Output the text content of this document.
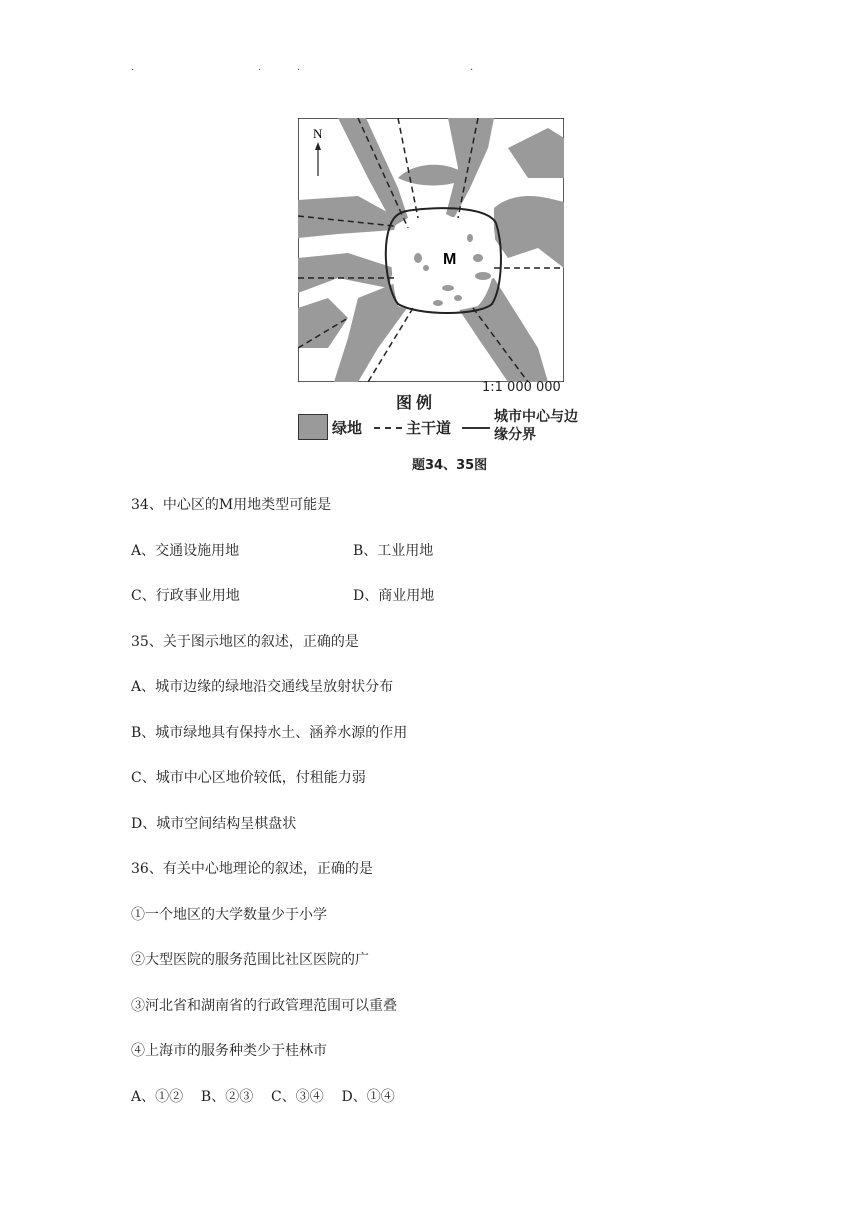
.	.	.	.
N
M
1:1 000 000
图例
绿地	主干道
城市中心与边缘分界
题34、35图
34、中心区的M用地类型可能是
A、交通设施用地	B、工业用地
C、行政事业用地	D、商业用地
35、关于图示地区的叙述，正确的是
A、城市边缘的绿地沿交通线呈放射状分布
B、城市绿地具有保持水土、涵养水源的作用
C、城市中心区地价较低，付租能力弱
D、城市空间结构呈棋盘状
36、有关中心地理论的叙述，正确的是
①一个地区的大学数量少于小学
②大型医院的服务范围比社区医院的广
③河北省和湖南省的行政管理范围可以重叠
④上海市的服务种类少于桂林市
A、①②    B、②③    C、③④    D、①④
